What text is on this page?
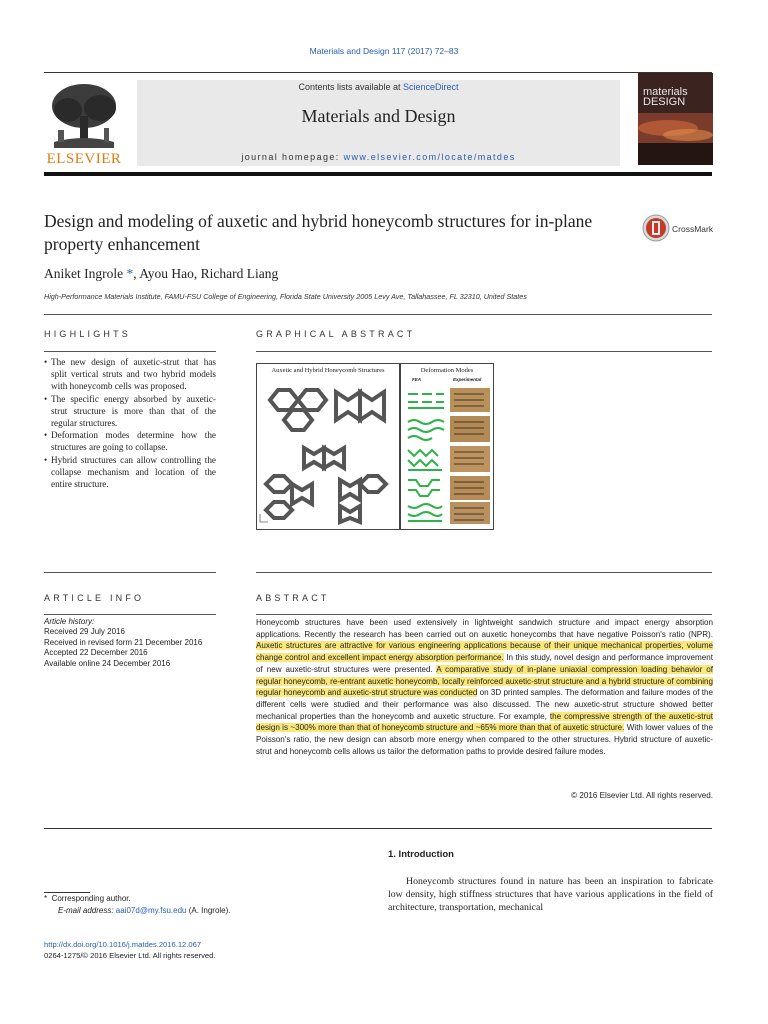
Materials and Design 117 (2017) 72–83
ELSEVIER
Contents lists available at ScienceDirect
Materials and Design
journal homepage: www.elsevier.com/locate/matdes
materials
DESIGN
Design and modeling of auxetic and hybrid honeycomb structures for in-plane property enhancement
CrossMark
Aniket Ingrole *, Ayou Hao, Richard Liang
High-Performance Materials Institute, FAMU-FSU College of Engineering, Florida State University 2005 Levy Ave, Tallahassee, FL 32310, United States
HIGHLIGHTS	GRAPHICAL ABSTRACT
• The new design of auxetic-strut that has split vertical struts and two hybrid models with honeycomb cells was proposed.
• The specific energy absorbed by auxetic-strut structure is more than that of the regular structures.
• Deformation modes determine how the structures are going to collapse.
• Hybrid structures can allow controlling the collapse mechanism and location of the entire structure.
Auxetic and Hybrid Honeycomb Structures	Deformation Modes
FEA	Experimental
ARTICLE INFO	ABSTRACT
Article history:
Received 29 July 2016
Received in revised form 21 December 2016
Accepted 22 December 2016
Available online 24 December 2016
Honeycomb structures have been used extensively in lightweight sandwich structure and impact energy absorption applications. Recently the research has been carried out on auxetic honeycombs that have negative Poisson's ratio (NPR). Auxetic structures are attractive for various engineering applications because of their unique mechanical properties, volume change control and excellent impact energy absorption performance. In this study, novel design and performance improvement of new auxetic-strut structures were presented. A comparative study of in-plane uniaxial compression loading behavior of regular honeycomb, re-entrant auxetic honeycomb, locally reinforced auxetic-strut structure and a hybrid structure of combining regular honeycomb and auxetic-strut structure was conducted on 3D printed samples. The deformation and failure modes of the different cells were studied and their performance was also discussed. The new auxetic-strut structure showed better mechanical properties than the honeycomb and auxetic structure. For example, the compressive strength of the auxetic-strut design is ~300% more than that of honeycomb structure and ~65% more than that of auxetic structure. With lower values of the Poisson's ratio, the new design can absorb more energy when compared to the other structures. Hybrid structure of auxetic-strut and honeycomb cells allows us tailor the deformation paths to provide desired failure modes.
© 2016 Elsevier Ltd. All rights reserved.
1. Introduction
Honeycomb structures found in nature has been an inspiration to fabricate low density, high stiffness structures that have various applications in the field of architecture, transportation, mechanical
* Corresponding author.
E-mail address: aai07d@my.fsu.edu (A. Ingrole).
http://dx.doi.org/10.1016/j.matdes.2016.12.067
0264-1275/© 2016 Elsevier Ltd. All rights reserved.
